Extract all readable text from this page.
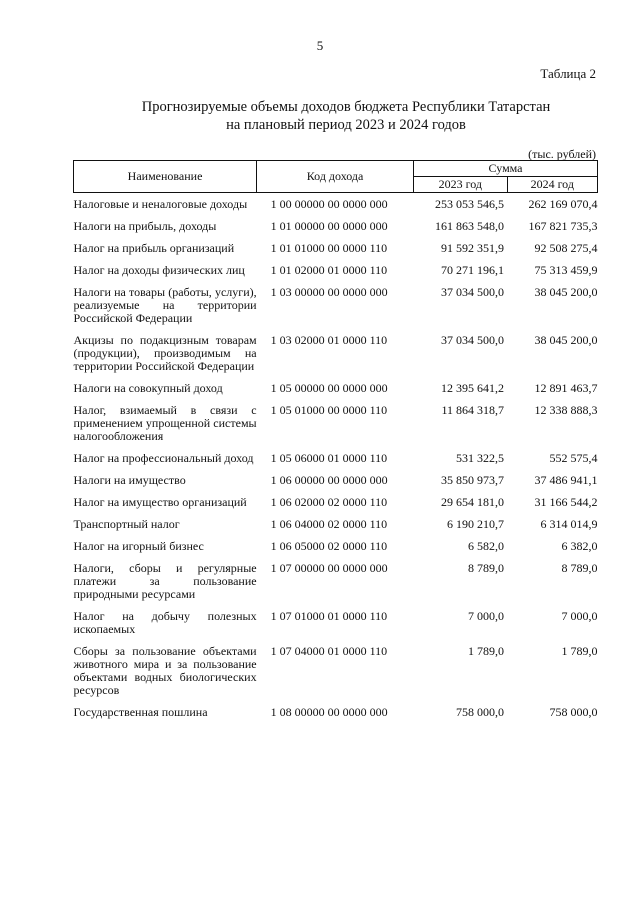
5
Таблица 2
Прогнозируемые объемы доходов бюджета Республики Татарстан
на плановый период 2023 и 2024 годов
(тыс. рублей)
Наименование	Код дохода	Сумма	
		2023 год	2024 год
Налоговые и неналоговые доходы	1 00 00000 00 0000 000	253 053 546,5	262 169 070,4
Налоги на прибыль, доходы	1 01 00000 00 0000 000	161 863 548,0	167 821 735,3
Налог на прибыль организаций	1 01 01000 00 0000 110	91 592 351,9	92 508 275,4
Налог на доходы физических лиц	1 01 02000 01 0000 110	70 271 196,1	75 313 459,9
Налоги на товары (работы, услуги), реализуемые на территории Российской Федерации	1 03 00000 00 0000 000	37 034 500,0	38 045 200,0
Акцизы по подакцизным товарам (продукции), производимым на территории Российской Федерации	1 03 02000 01 0000 110	37 034 500,0	38 045 200,0
Налоги на совокупный доход	1 05 00000 00 0000 000	12 395 641,2	12 891 463,7
Налог, взимаемый в связи с применением упрощенной системы налогообложения	1 05 01000 00 0000 110	11 864 318,7	12 338 888,3
Налог на профессиональный доход	1 05 06000 01 0000 110	531 322,5	552 575,4
Налоги на имущество	1 06 00000 00 0000 000	35 850 973,7	37 486 941,1
Налог на имущество организаций	1 06 02000 02 0000 110	29 654 181,0	31 166 544,2
Транспортный налог	1 06 04000 02 0000 110	6 190 210,7	6 314 014,9
Налог на игорный бизнес	1 06 05000 02 0000 110	6 582,0	6 382,0
Налоги, сборы и регулярные платежи за пользование природными ресурсами	1 07 00000 00 0000 000	8 789,0	8 789,0
Налог на добычу полезных ископаемых	1 07 01000 01 0000 110	7 000,0	7 000,0
Сборы за пользование объектами животного мира и за пользование объектами водных биологических ресурсов	1 07 04000 01 0000 110	1 789,0	1 789,0
Государственная пошлина	1 08 00000 00 0000 000	758 000,0	758 000,0
